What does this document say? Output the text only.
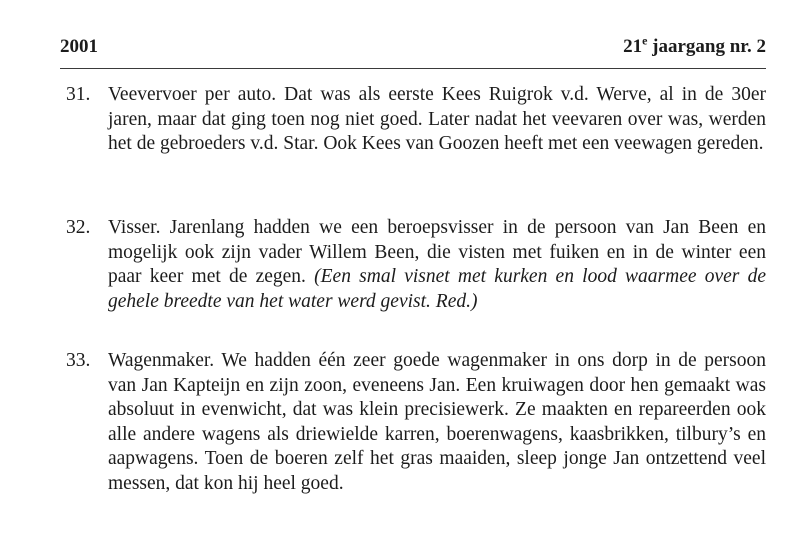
2001	21e jaargang nr. 2
31. Veevervoer per auto. Dat was als eerste Kees Ruigrok v.d. Werve, al in de 30er jaren, maar dat ging toen nog niet goed. Later nadat het veevaren over was, werden het de gebroeders v.d. Star. Ook Kees van Goozen heeft met een veewagen gereden.
32. Visser. Jarenlang hadden we een beroepsvisser in de persoon van Jan Been en mogelijk ook zijn vader Willem Been, die visten met fuiken en in de winter een paar keer met de zegen. (Een smal visnet met kurken en lood waarmee over de gehele breedte van het water werd gevist. Red.)
33. Wagenmaker. We hadden één zeer goede wagenmaker in ons dorp in de persoon van Jan Kapteijn en zijn zoon, eveneens Jan. Een kruiwagen door hen gemaakt was absoluut in evenwicht, dat was klein precisiewerk. Ze maakten en repareerden ook alle andere wagens als driewielde karren, boerenwagens, kaasbrikken, tilbury’s en aapwagens. Toen de boeren zelf het gras maaiden, sleep jonge Jan ontzettend veel messen, dat kon hij heel goed.
